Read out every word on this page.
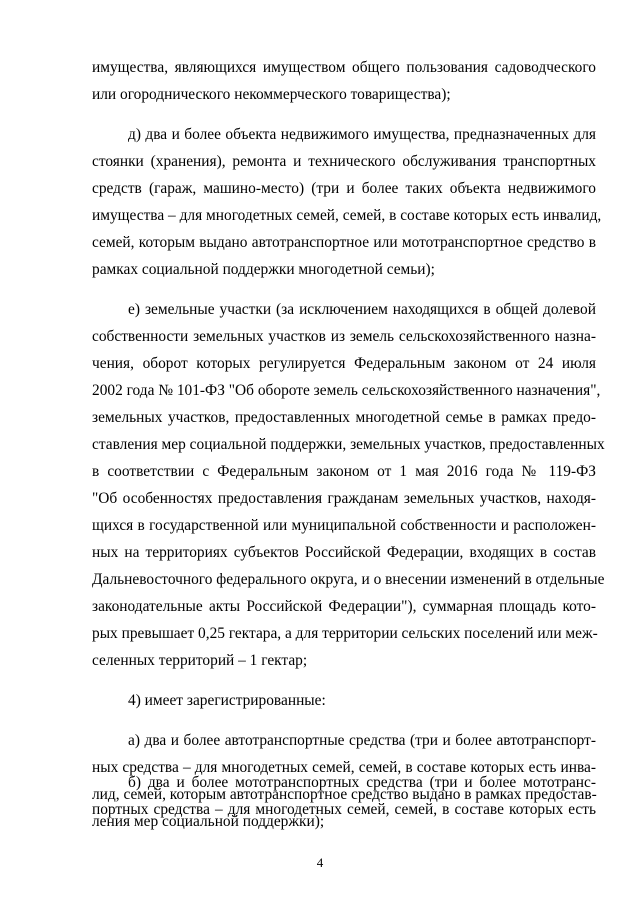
имущества, являющихся имуществом общего пользования садоводческого
или огороднического некоммерческого товарищества);
д) два и более объекта недвижимого имущества, предназначенных для
стоянки (хранения), ремонта и технического обслуживания транспортных
средств (гараж, машино-место) (три и более таких объекта недвижимого
имущества – для многодетных семей, семей, в составе которых есть инвалид,
семей, которым выдано автотранспортное или мототранспортное средство в
рамках социальной поддержки многодетной семьи);
е) земельные участки (за исключением находящихся в общей долевой
собственности земельных участков из земель сельскохозяйственного назна-
чения, оборот которых регулируется Федеральным законом от 24 июля
2002 года № 101-ФЗ "Об обороте земель сельскохозяйственного назначения",
земельных участков, предоставленных многодетной семье в рамках предо-
ставления мер социальной поддержки, земельных участков, предоставленных
в соответствии с Федеральным законом от 1 мая 2016 года № 119-ФЗ
"Об особенностях предоставления гражданам земельных участков, находя-
щихся в государственной или муниципальной собственности и расположен-
ных на территориях субъектов Российской Федерации, входящих в состав
Дальневосточного федерального округа, и о внесении изменений в отдельные
законодательные акты Российской Федерации"), суммарная площадь кото-
рых превышает 0,25 гектара, а для территории сельских поселений или меж-
селенных территорий – 1 гектар;
4) имеет зарегистрированные:
а) два и более автотранспортные средства (три и более автотранспорт-
ных средства – для многодетных семей, семей, в составе которых есть инва-
лид, семей, которым автотранспортное средство выдано в рамках предостав-
ления мер социальной поддержки);
б) два и более мототранспортных средства (три и более мототранс-
портных средства – для многодетных семей, семей, в составе которых есть
4
